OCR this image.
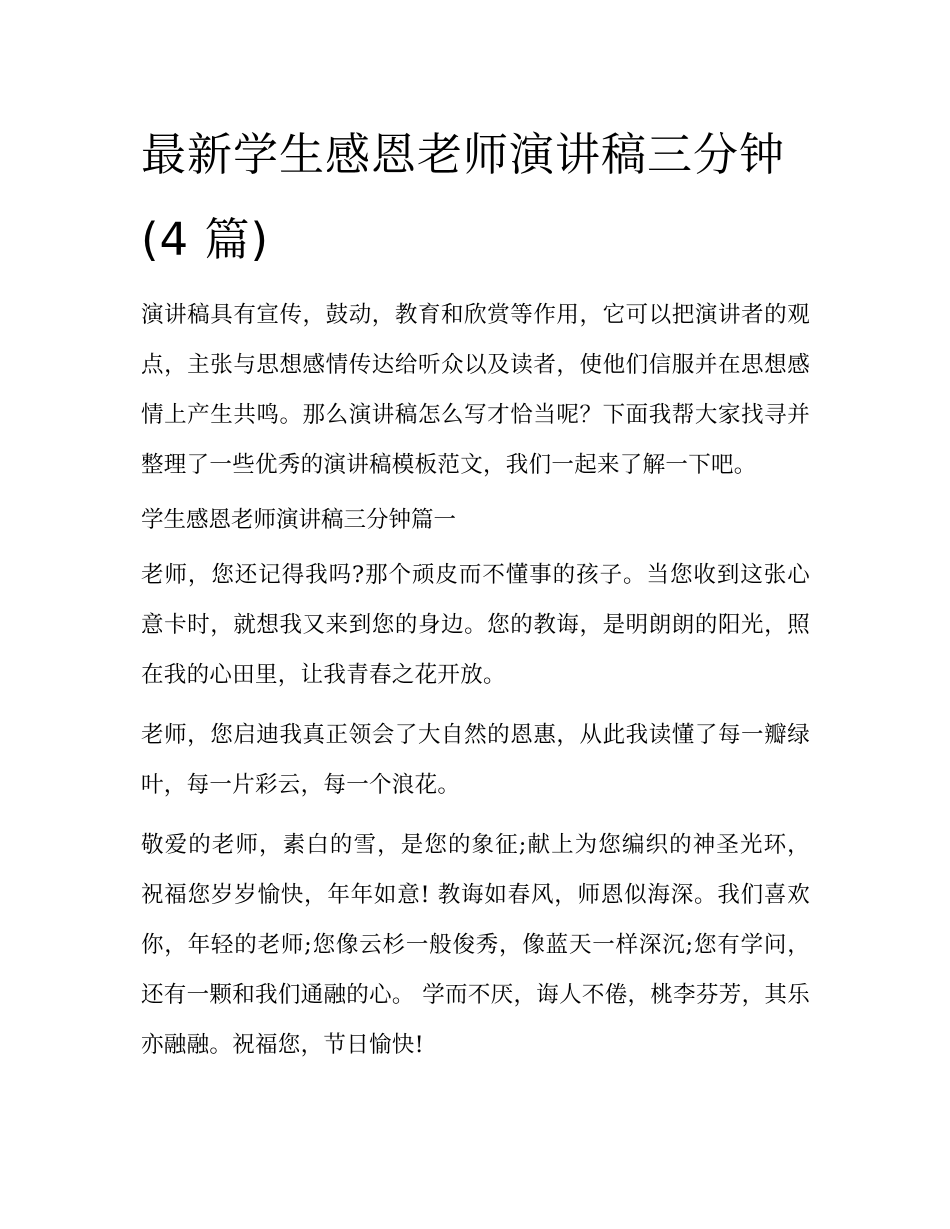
最新学生感恩老师演讲稿三分钟(4 篇)

演讲稿具有宣传，鼓动，教育和欣赏等作用，它可以把演讲者的观点，主张与思想感情传达给听众以及读者，使他们信服并在思想感情上产生共鸣。那么演讲稿怎么写才恰当呢？下面我帮大家找寻并整理了一些优秀的演讲稿模板范文，我们一起来了解一下吧。

学生感恩老师演讲稿三分钟篇一

老师，您还记得我吗?那个顽皮而不懂事的孩子。当您收到这张心意卡时，就想我又来到您的身边。您的教诲，是明朗朗的阳光，照在我的心田里，让我青春之花开放。

老师，您启迪我真正领会了大自然的恩惠，从此我读懂了每一瓣绿叶，每一片彩云，每一个浪花。

敬爱的老师，素白的雪，是您的象征;献上为您编织的神圣光环，祝福您岁岁愉快，年年如意! 教诲如春风，师恩似海深。我们喜欢你，年轻的老师;您像云杉一般俊秀，像蓝天一样深沉;您有学问，还有一颗和我们通融的心。 学而不厌，诲人不倦，桃李芬芳，其乐亦融融。祝福您，节日愉快!
